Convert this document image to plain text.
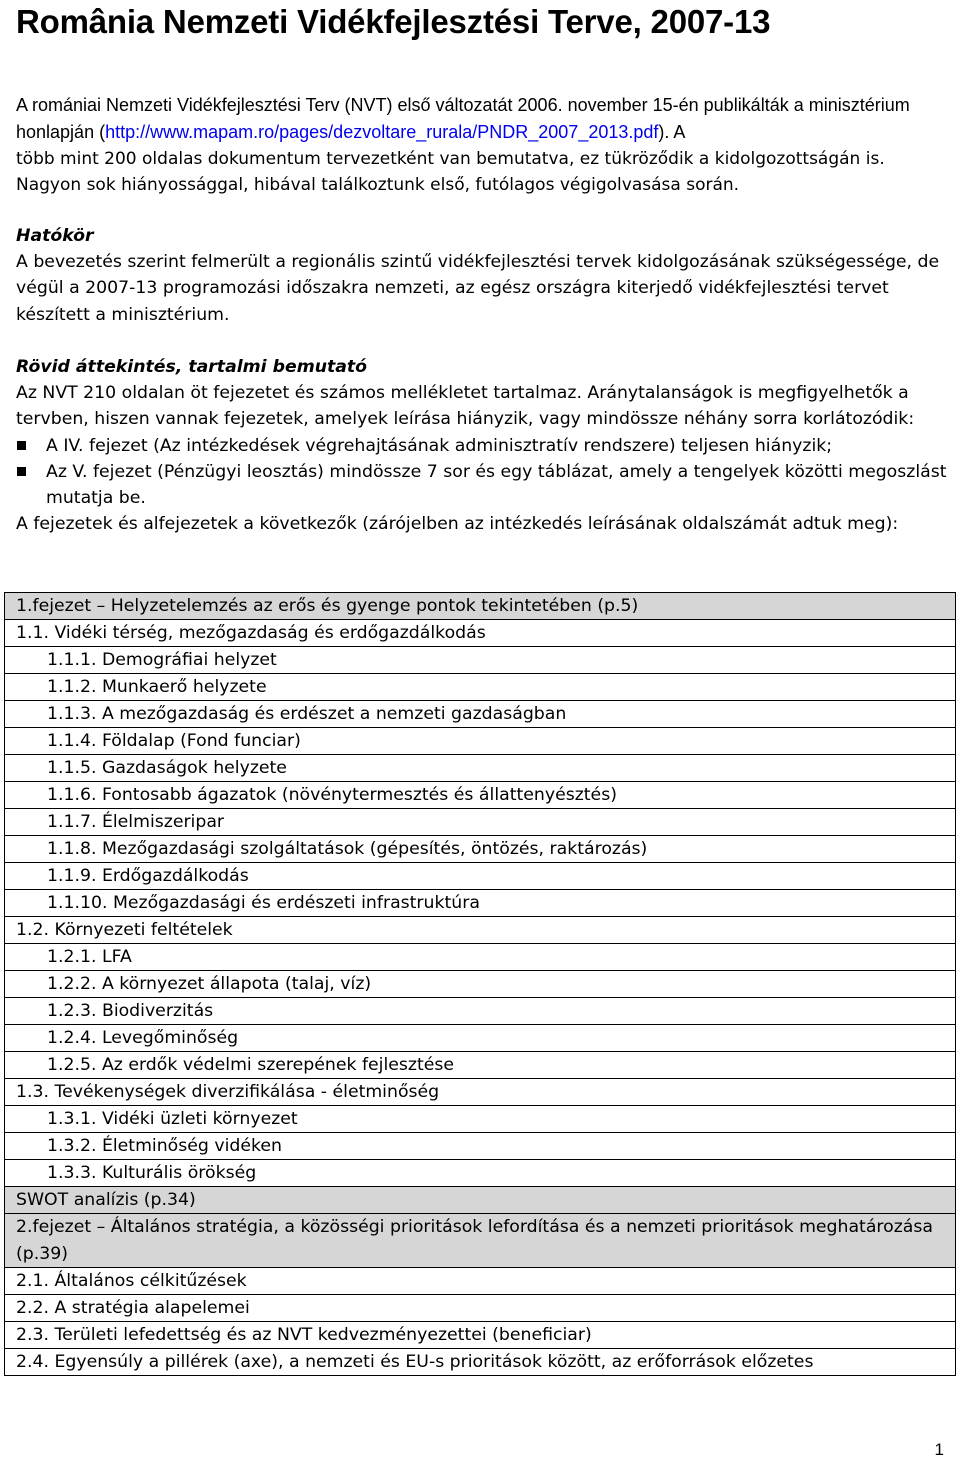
România Nemzeti Vidékfejlesztési Terve, 2007-13

A romániai Nemzeti Vidékfejlesztési Terv (NVT) első változatát 2006. november 15-én publikálták a minisztérium honlapján (http://www.mapam.ro/pages/dezvoltare_rurala/PNDR_2007_2013.pdf). A
több mint 200 oldalas dokumentum tervezetként van bemutatva, ez tükröződik a kidolgozottságán is. Nagyon sok hiányossággal, hibával találkoztunk első, futólagos végigolvasása során.

Hatókör
A bevezetés szerint felmerült a regionális szintű vidékfejlesztési tervek kidolgozásának szükségessége, de végül a 2007-13 programozási időszakra nemzeti, az egész országra kiterjedő vidékfejlesztési tervet készített a minisztérium.
Rövid áttekintés, tartalmi bemutató
Az NVT 210 oldalan öt fejezetet és számos mellékletet tartalmaz. Aránytalanságok is megfigyelhetők a tervben, hiszen vannak fejezetek, amelyek leírása hiányzik, vagy mindössze néhány sorra korlátozódik:
A IV. fejezet (Az intézkedések végrehajtásának adminisztratív rendszere) teljesen hiányzik;
Az V. fejezet (Pénzügyi leosztás) mindössze 7 sor és egy táblázat, amely a tengelyek közötti megoszlást mutatja be.
A fejezetek és alfejezetek a következők (zárójelben az intézkedés leírásának oldalszámát adtuk meg):
1.fejezet – Helyzetelemzés az erős és gyenge pontok tekintetében (p.5)
1.1. Vidéki térség, mezőgazdaság és erdőgazdálkodás
1.1.1. Demográfiai helyzet
1.1.2. Munkaerő helyzete
1.1.3. A mezőgazdaság és erdészet a nemzeti gazdaságban
1.1.4. Földalap (Fond funciar)
1.1.5. Gazdaságok helyzete
1.1.6. Fontosabb ágazatok (növénytermesztés és állattenyésztés)
1.1.7. Élelmiszeripar
1.1.8. Mezőgazdasági szolgáltatások (gépesítés, öntözés, raktározás)
1.1.9. Erdőgazdálkodás
1.1.10. Mezőgazdasági és erdészeti infrastruktúra
1.2. Környezeti feltételek
1.2.1. LFA
1.2.2. A környezet állapota (talaj, víz)
1.2.3. Biodiverzitás
1.2.4. Levegőminőség
1.2.5. Az erdők védelmi szerepének fejlesztése
1.3. Tevékenységek diverzifikálása - életminőség
1.3.1. Vidéki üzleti környezet
1.3.2. Életminőség vidéken
1.3.3. Kulturális örökség
SWOT analízis (p.34)
2.fejezet – Általános stratégia, a közösségi prioritások lefordítása és a nemzeti prioritások meghatározása (p.39)
2.1. Általános célkitűzések
2.2. A stratégia alapelemei
2.3. Területi lefedettség és az NVT kedvezményezettei (beneficiar)
2.4. Egyensúly a pillérek (axe), a nemzeti és EU-s prioritások között, az erőforrások előzetes
1
